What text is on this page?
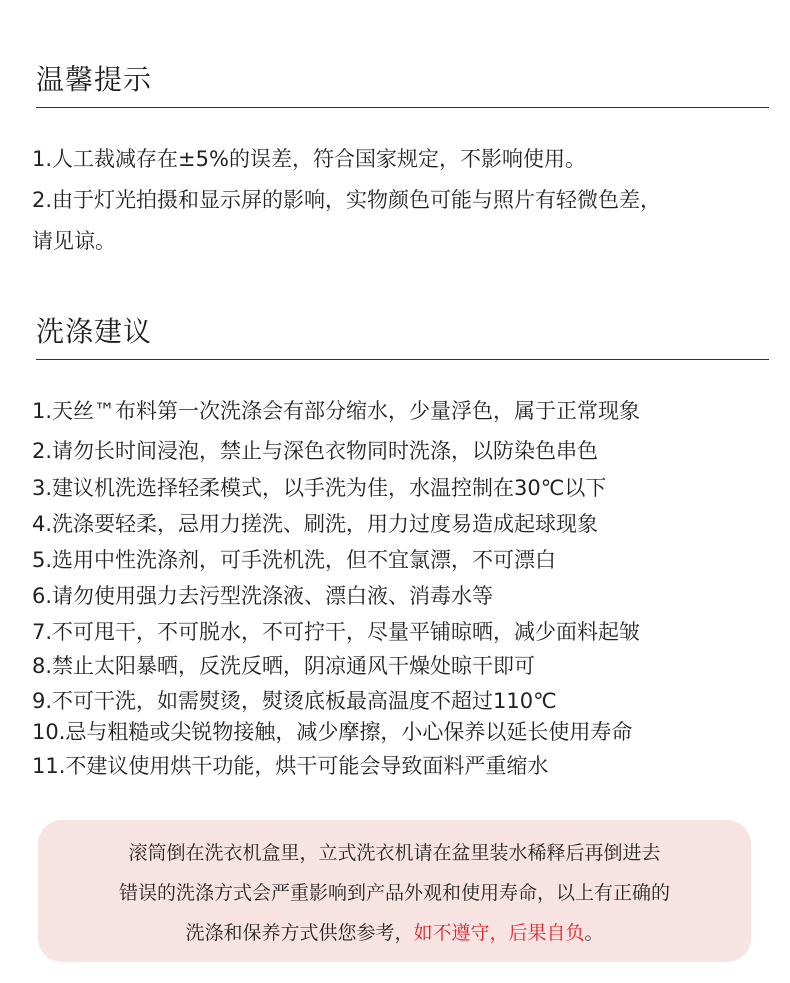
温馨提示
1.人工裁减存在±5%的误差，符合国家规定，不影响使用。
2.由于灯光拍摄和显示屏的影响，实物颜色可能与照片有轻微色差，
请见谅。
洗涤建议
1.天丝™布料第一次洗涤会有部分缩水，少量浮色，属于正常现象
2.请勿长时间浸泡，禁止与深色衣物同时洗涤，以防染色串色
3.建议机洗选择轻柔模式，以手洗为佳，水温控制在30℃以下
4.洗涤要轻柔，忌用力搓洗、刷洗，用力过度易造成起球现象
5.选用中性洗涤剂，可手洗机洗，但不宜氯漂，不可漂白
6.请勿使用强力去污型洗涤液、漂白液、消毒水等
7.不可甩干，不可脱水，不可拧干，尽量平铺晾晒，减少面料起皱
8.禁止太阳暴晒，反洗反晒，阴凉通风干燥处晾干即可
9.不可干洗，如需熨烫，熨烫底板最高温度不超过110℃
10.忌与粗糙或尖锐物接触，减少摩擦，小心保养以延长使用寿命
11.不建议使用烘干功能，烘干可能会导致面料严重缩水
滚筒倒在洗衣机盒里，立式洗衣机请在盆里装水稀释后再倒进去
错误的洗涤方式会严重影响到产品外观和使用寿命，以上有正确的
洗涤和保养方式供您参考，如不遵守，后果自负。
